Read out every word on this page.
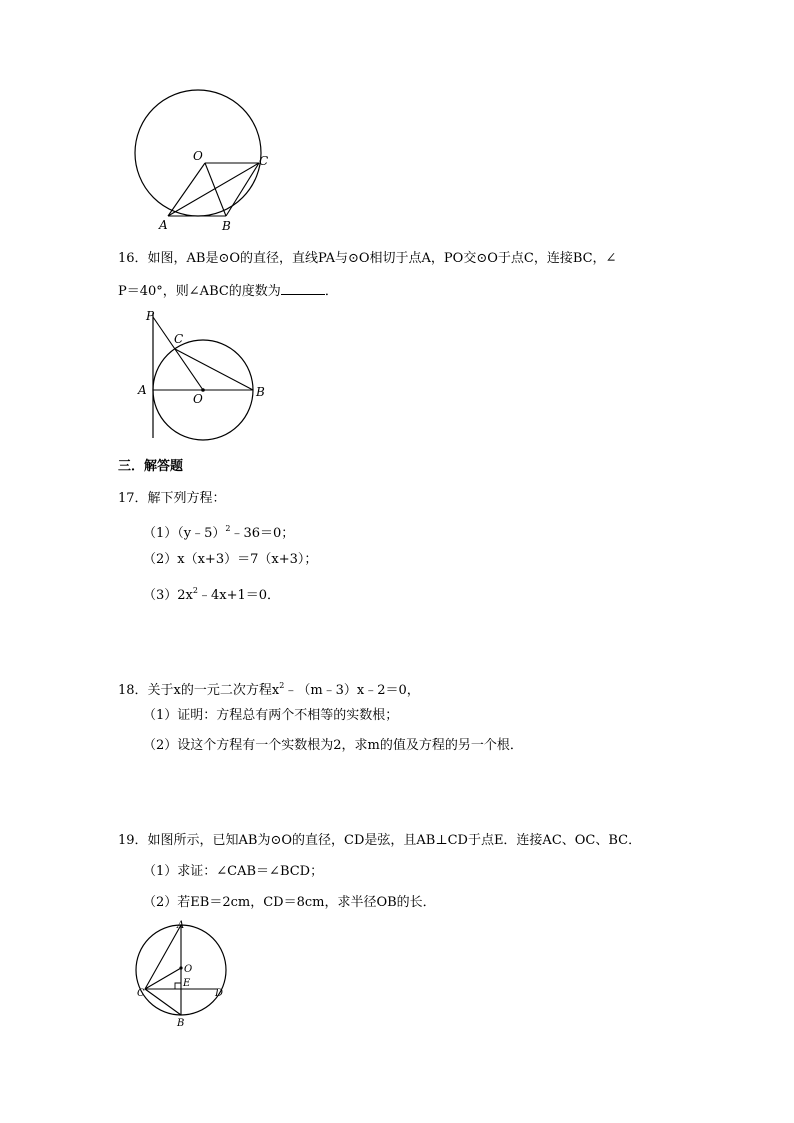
O	C
A	B
16．如图，AB是⊙O的直径，直线PA与⊙O相切于点A，PO交⊙O于点C，连接BC，∠
P＝40°，则∠ABC的度数为	．
P
C
A
O	B
三．解答题
17．解下列方程：
（1）（y﹣5）$^2$﹣36＝0；
（2）x（x+3）＝7（x+3）；
$(3)2x^2﹣4x+1=0$．
18．关于x的一元二次方程$x^2﹣(m﹣3)x﹣2=0$，
（1）证明：方程总有两个不相等的实数根；
（2）设这个方程有一个实数根为2，求m的值及方程的另一个根．
19．如图所示，已知AB为⊙O的直径，CD是弦，且AB⊥CD于点E．连接AC、OC、BC．
（1）求证：∠CAB＝∠BCD；
（2）若EB＝2cm，CD＝8cm，求半径OB的长．
A
O
E
C	D
B
